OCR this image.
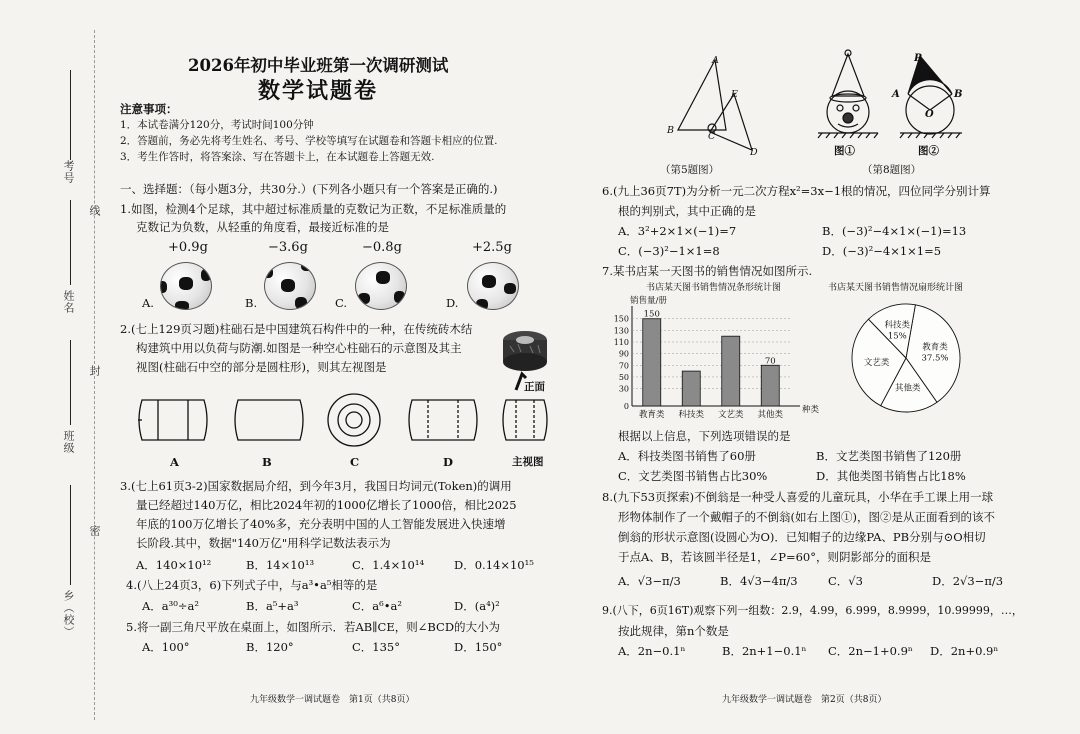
考号
线
姓名
封
班级
密
乡（校）
2026年初中毕业班第一次调研测试
数学试题卷
注意事项：
1．本试卷满分120分，考试时间100分钟
2．答题前，务必先将考生姓名、考号、学校等填写在试题卷和答题卡相应的位置.
3．考生作答时，将答案涂、写在答题卡上，在本试题卷上答题无效.
一、选择题：（每小题3分，共30分.）(下列各小题只有一个答案是正确的.)
1.如图，检测4个足球，其中超过标准质量的克数记为正数，不足标准质量的
克数记为负数，从轻重的角度看，最接近标准的是
+0.9g	−3.6g	−0.8g	+2.5g
A.	B.	C.	D.
2.(七上129页习题)柱础石是中国建筑石构件中的一种，在传统砖木结
构建筑中用以负荷与防潮.如图是一种空心柱础石的示意图及其主
视图(柱础石中空的部分是圆柱形)，则其左视图是
正面
A	B	C	D	主视图
3.(七上61页3-2)国家数据局介绍，到今年3月，我国日均词元(Token)的调用
量已经超过140万亿，相比2024年初的1000亿增长了1000倍，相比2025
年底的100万亿增长了40%多，充分表明中国的人工智能发展进入快速增
长阶段.其中，数据"140万亿"用科学记数法表示为
A．140×10¹²	B．14×10¹³	C．1.4×10¹⁴	D．0.14×10¹⁵
4.(八上24页3，6)下列式子中，与a³•a⁵相等的是
A．a³⁰÷a²	B．a⁵+a³	C．a⁶•a²	D．(a⁴)²
5.将一副三角尺平放在桌面上，如图所示．若AB∥CE，则∠BCD的大小为
A．100°	B．120°	C．135°	D．150°
九年级数学一调试题卷　第1页（共8页）
A
B
C
E
D
（第5题图）
P
A	B
O
图①	图②
（第8题图）
6.(九上36页7T)为分析一元二次方程x²=3x−1根的情况，四位同学分别计算
根的判别式，其中正确的是
A．3²+2×1×(−1)=7	B．(−3)²−4×1×(−1)=13
C．(−3)²−1×1=8	D．(−3)²−4×1×1=5
7.某书店某一天图书的销售情况如图所示.
书店某天图书销售情况条形统计图	书店某天图书销售情况扇形统计图
销售量/册
种类
0
30
50
70
90
110
130
150
教育类
150
科技类 文艺类 其他类
70
教育类
37.5%
其他类
文艺类
科技类
15%
根据以上信息，下列选项错误的是
A．科技类图书销售了60册	B．文艺类图书销售了120册
C．文艺类图书销售占比30%	D．其他类图书销售占比18%
8.(九下53页探索)不倒翁是一种受人喜爱的儿童玩具，小华在手工课上用一球
形物体制作了一个戴帽子的不倒翁(如右上图①)，图②是从正面看到的该不
倒翁的形状示意图(设圆心为O)．已知帽子的边缘PA、PB分别与⊙O相切
于点A、B，若该圆半径是1，∠P=60°，则阴影部分的面积是
A．√3−π/3	B．4√3−4π/3	C．√3	D．2√3−π/3
9.(八下，6页16T)观察下列一组数：2.9，4.99，6.999，8.9999，10.99999，…，
按此规律，第n个数是
A．2n−0.1ⁿ	B．2n+1−0.1ⁿ C．2n−1+0.9ⁿ D．2n+0.9ⁿ
九年级数学一调试题卷　第2页（共8页）
